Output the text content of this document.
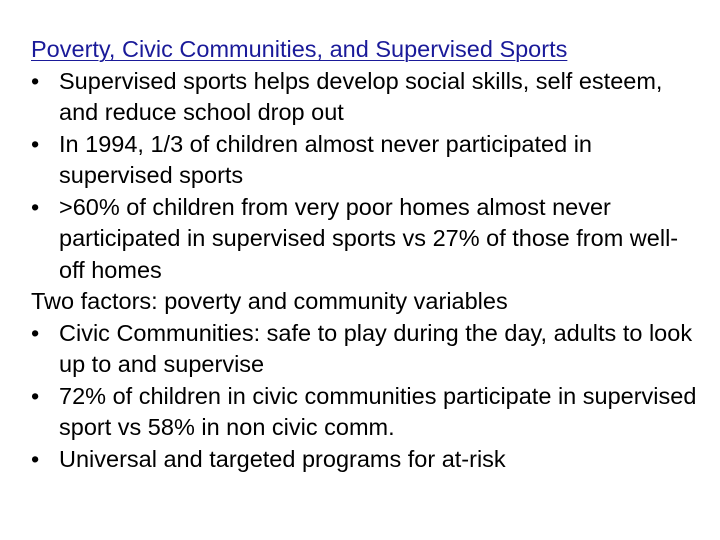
Poverty, Civic Communities, and Supervised Sports
• Supervised sports helps develop social skills, self esteem, and reduce school drop out
• In 1994, 1/3 of children almost never participated in supervised sports
• >60% of children from very poor homes almost never participated in supervised sports vs 27% of those from well-off homes
Two factors: poverty and community variables
• Civic Communities: safe to play during the day, adults to look up to and supervise
• 72% of children in civic communities participate in supervised sport vs 58% in non civic comm.
• Universal and targeted programs for at-risk
